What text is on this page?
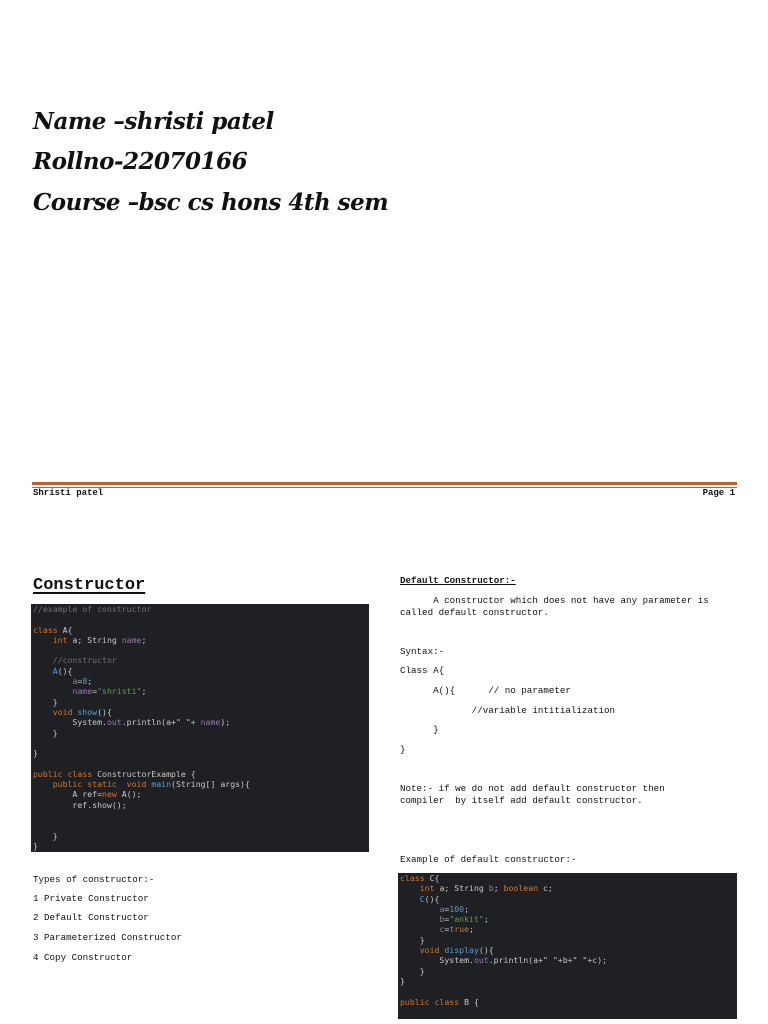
Name –shristi patel
Rollno-22070166
Course –bsc cs hons 4th sem
Shristi patel	Page 1
Constructor
//example of constructor
class A{
int a; String name;
//constructor
A(){
a=8;
name="shristi";
}
void show(){
System.out.println(a+" "+ name);
}
}
public class ConstructorExample {
public static void main(String[] args){
A ref=new A();
ref.show();
}
}
Types of constructor:-
1 Private Constructor
2 Default Constructor
3 Parameterized Constructor
4 Copy Constructor
Default Constructor:-
A constructor which does not have any parameter is
called default constructor.
Syntax:-
Class A{
A(){      // no parameter
//variable intitialization
}
}
Note:- if we do not add default constructor then
compiler  by itself add default constructor.
Example of default constructor:-
class C{
int a; String b; boolean c;
C(){
a=100;
b="ankit";
c=true;
}
void display(){
System.out.println(a+" "+b+" "+c);
}
}
public class B {
